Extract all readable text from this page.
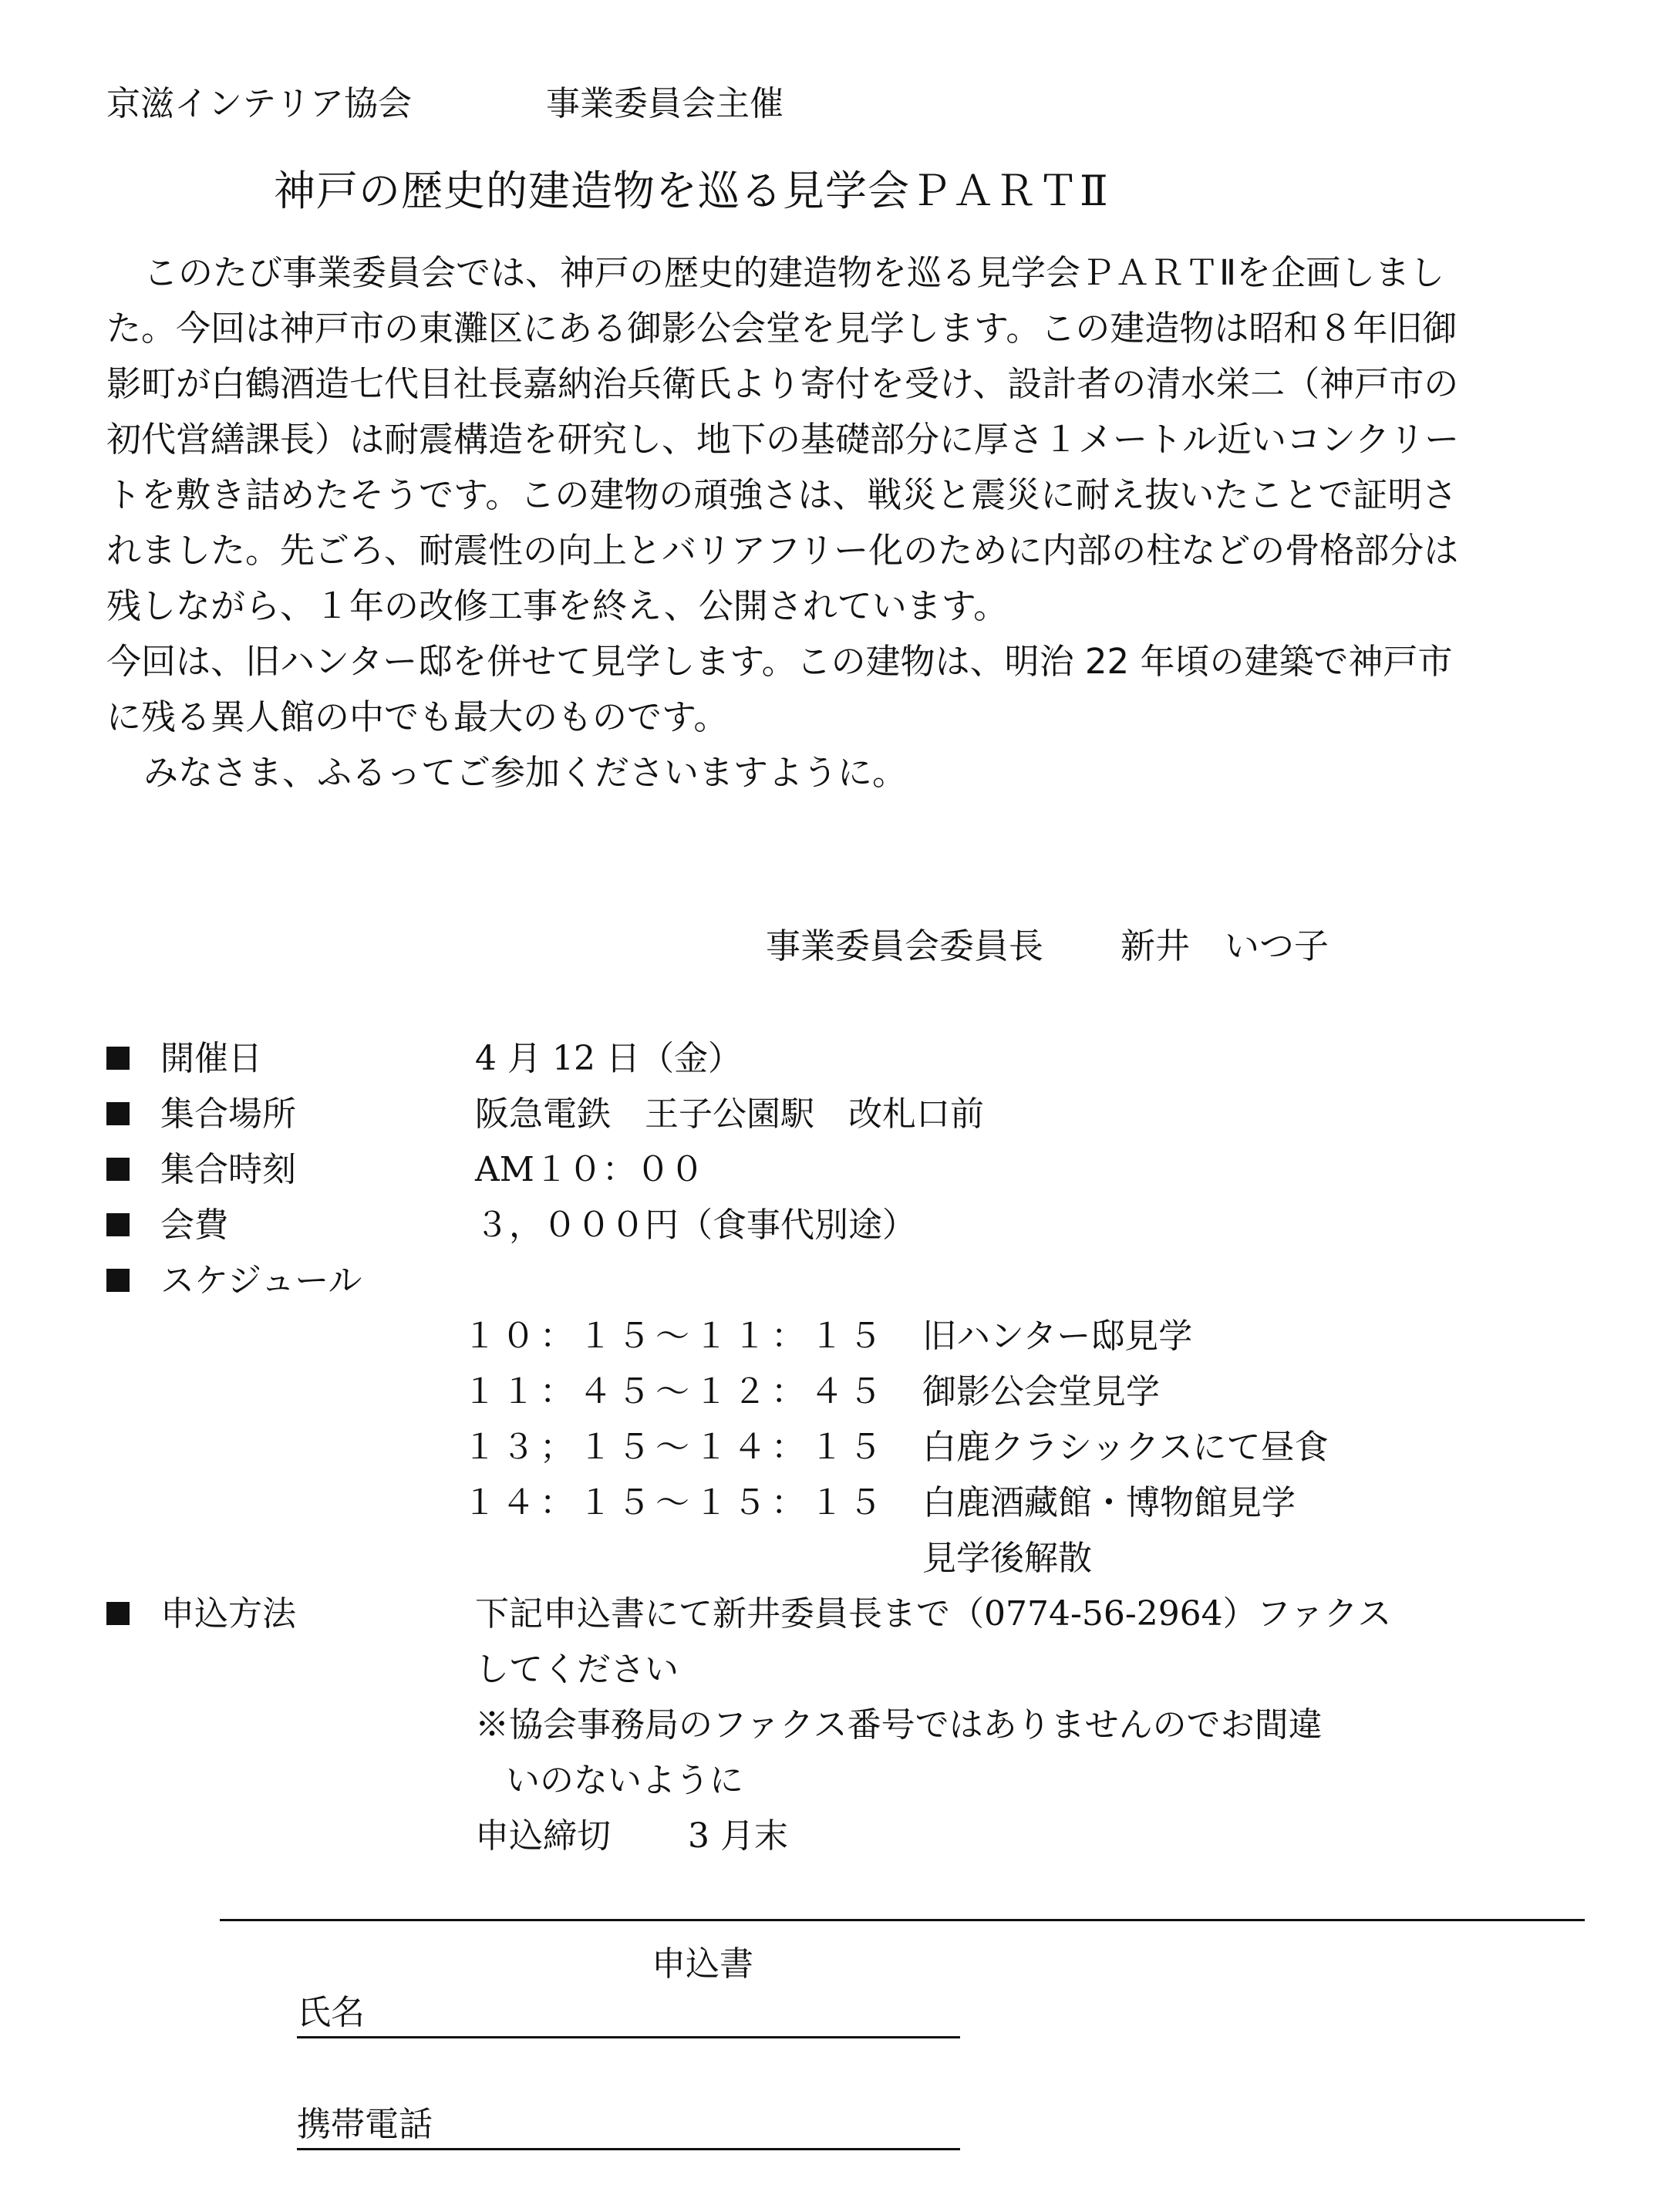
京滋インテリア協会	事業委員会主催
神戸の歴史的建造物を巡る見学会ＰＡＲＴⅡ

このたび事業委員会では、神戸の歴史的建造物を巡る見学会ＰＡＲＴⅡを企画しました。今回は神戸市の東灘区にある御影公会堂を見学します。この建造物は昭和８年旧御影町が白鶴酒造七代目社長嘉納治兵衛氏より寄付を受け、設計者の清水栄二（神戸市の初代営繕課長）は耐震構造を研究し、地下の基礎部分に厚さ１メートル近いコンクリートを敷き詰めたそうです。この建物の頑強さは、戦災と震災に耐え抜いたことで証明されました。先ごろ、耐震性の向上とバリアフリー化のために内部の柱などの骨格部分は残しながら、１年の改修工事を終え、公開されています。

今回は、旧ハンター邸を併せて見学します。この建物は、明治 22 年頃の建築で神戸市に残る異人館の中でも最大のものです。

みなさま、ふるってご参加くださいますように。

事業委員会委員長 新井　いつ子
開催日	4 月 12 日（金）
集合場所	阪急電鉄　王子公園駅　改札口前
集合時刻	AM１０：００
会費	３，０００円（食事代別途）
スケジュール
１０：１５～１１：１５	旧ハンター邸見学
１１：４５～１２：４５	御影公会堂見学
１３；１５～１４：１５	白鹿クラシックスにて昼食
１４：１５～１５：１５	白鹿酒藏館・博物館見学
見学後解散
申込方法	下記申込書にて新井委員長まで（0774-56-2964）ファクス
してください
※協会事務局のファクス番号ではありませんのでお間違
いのないように
申込締切 3 月末
申込書
氏名
携帯電話
